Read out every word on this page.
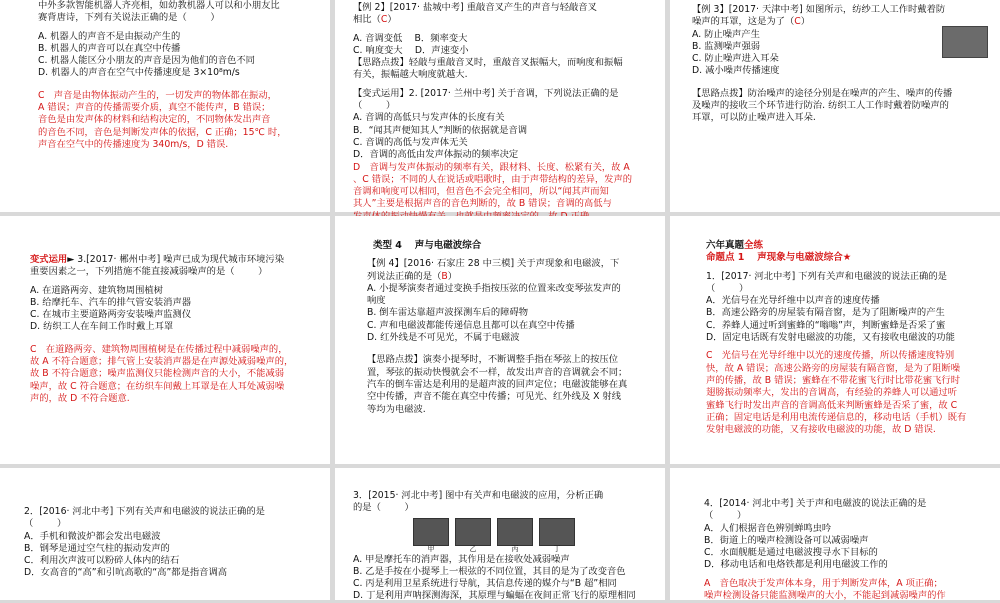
中外多款智能机器人齐亮相，如幼教机器人可以和小朋友比

赛背唐诗，下列有关说法正确的是（        ）

A. 机器人的声音不是由振动产生的

B. 机器人的声音可以在真空中传播

C. 机器人能区分小朋友的声音是因为他们的音色不同

D. 机器人的声音在空气中传播速度是 3×10⁸m/s

C　声音是由物体振动产生的，一切发声的物体都在振动，

A 错误；声音的传播需要介质，真空不能传声，B 错误；

音色是由发声体的材料和结构决定的，不同物体发出声音

的音色不同，音色是判断发声体的依据，C 正确；15℃ 时，

声音在空气中的传播速度为 340m/s，D 错误.

【例 2】[2017· 盐城中考] 重敲音叉产生的声音与轻敲音叉

相比（C）

A. 音调变低　 B．频率变大

C. 响度变大　 D．声速变小

【思路点拨】轻敲与重敲音叉时，重敲音叉振幅大，而响度和振幅

有关，振幅越大响度就越大.

【变式运用】2. [2017· 兰州中考] 关于音调，下列说法正确的是

（        ）

A. 音调的高低只与发声体的长度有关

B．“闻其声便知其人”判断的依据就是音调

C. 音调的高低与发声体无关

D．音调的高低由发声体振动的频率决定

D　音调与发声体振动的频率有关，跟材料、长度、松紧有关，故 A

、C 错误；不同的人在说话或唱歌时，由于声带结构的差异，发声的

音调和响度可以相同，但音色不会完全相同，所以“闻其声而知

其人”主要是根据声音的音色判断的，故 B 错误；音调的高低与

【例 3】[2017· 天津中考] 如图所示，纺纱工人工作时戴着防

噪声的耳罩，这是为了（C）

A. 防止噪声产生

B. 监测噪声强弱

C. 防止噪声进入耳朵

D. 减小噪声传播速度

【思路点拨】防治噪声的途径分别是在噪声的产生、噪声的传播

及噪声的接收三个环节进行防治. 纺织工人工作时戴着防噪声的

耳罩，可以防止噪声进入耳朵.

变式运用► 3.[2017· 郴州中考] 噪声已成为现代城市环境污染

重要因素之一，下列措施不能直接减弱噪声的是（        ）

A. 在道路两旁、建筑物周围植树

B. 给摩托车、汽车的排气管安装消声器

C. 在城市主要道路两旁安装噪声监测仪

D. 纺织工人在车间工作时戴上耳罩

C　在道路两旁、建筑物周围植树是在传播过程中减弱噪声的，

故 A 不符合题意；排气管上安装消声器是在声源处减弱噪声的，

故 B 不符合题意；噪声监测仪只能检测声音的大小，不能减弱

噪声，故 C 符合题意；在纺织车间戴上耳罩是在人耳处减弱噪

声的，故 D 不符合题意.

类型 4　 声与电磁波综合

【例 4】[2016· 石家庄 28 中三模] 关于声现象和电磁波，下

列说法正确的是（B）

A. 小提琴演奏者通过变换手指按压弦的位置来改变琴弦发声的

响度

B. 倒车雷达靠超声波探测车后的障碍物

C. 声和电磁波都能传递信息且都可以在真空中传播

D. 红外线是不可见光，不属于电磁波

【思路点拨】演奏小提琴时，不断调整手指在琴弦上的按压位

置，琴弦的振动快慢就会不一样，故发出声音的音调就会不同；

汽车的倒车雷达是利用的是超声波的回声定位；电磁波能够在真

空中传播，声音不能在真空中传播；可见光、红外线及 X 射线

等均为电磁波.

六年真题全练

命题点 1　 声现象与电磁波综合★

1．[2017· 河北中考] 下列有关声和电磁波的说法正确的是

（        ）

A．光信号在光导纤维中以声音的速度传播

B．高速公路旁的房屋装有隔音窗，是为了阻断噪声的产生

C．养蜂人通过听到蜜蜂的“嗡嗡”声，判断蜜蜂是否采了蜜

D．固定电话既有发射电磁波的功能，又有接收电磁波的功能

C　光信号在光导纤维中以光的速度传播，所以传播速度特别

快，故 A 错误；高速公路旁的房屋装有隔音窗，是为了阻断噪

声的传播，故 B 错误；蜜蜂在不带花蜜飞行时比带花蜜飞行时

翅膀振动频率大，发出的音调高，有经验的养蜂人可以通过听

蜜蜂飞行时发出声音的音调高低来判断蜜蜂是否采了蜜，故 C

正确；固定电话是利用电流传递信息的，移动电话（手机）既有

发射电磁波的功能，又有接收电磁波的功能，故 D 错误.

2．[2016· 河北中考] 下列有关声和电磁波的说法正确的是

（        ）

A．手机和微波炉都会发出电磁波

B．钢琴是通过空气柱的振动发声的

C．利用次声波可以粉碎人体内的结石

D．女高音的“高”和引吭高歌的“高”都是指音调高

3．[2015· 河北中考] 图中有关声和电磁波的应用，分析正确

的是（        ）

甲	乙	丙	丁

A. 甲是摩托车的消声器，其作用是在接收处减弱噪声

B. 乙是手按在小提琴上一根弦的不同位置，其目的是为了改变音色

C. 丙是利用卫星系统进行导航，其信息传递的媒介与“B 超”相同

D. 丁是利用声呐探测海深，其原理与蝙蝠在夜间正常飞行的原理相同

4．[2014· 河北中考] 关于声和电磁波的说法正确的是

（        ）

A．人们根据音色辨别蝉鸣虫吟

B．街道上的噪声检测设备可以减弱噪声

C．水面舰艇是通过电磁波搜寻水下目标的

D．移动电话和电烙铁都是利用电磁波工作的

A　音色取决于发声体本身，用于判断发声体，A 项正确；

噪声检测设备只能监测噪声的大小，不能起到减弱噪声的作
